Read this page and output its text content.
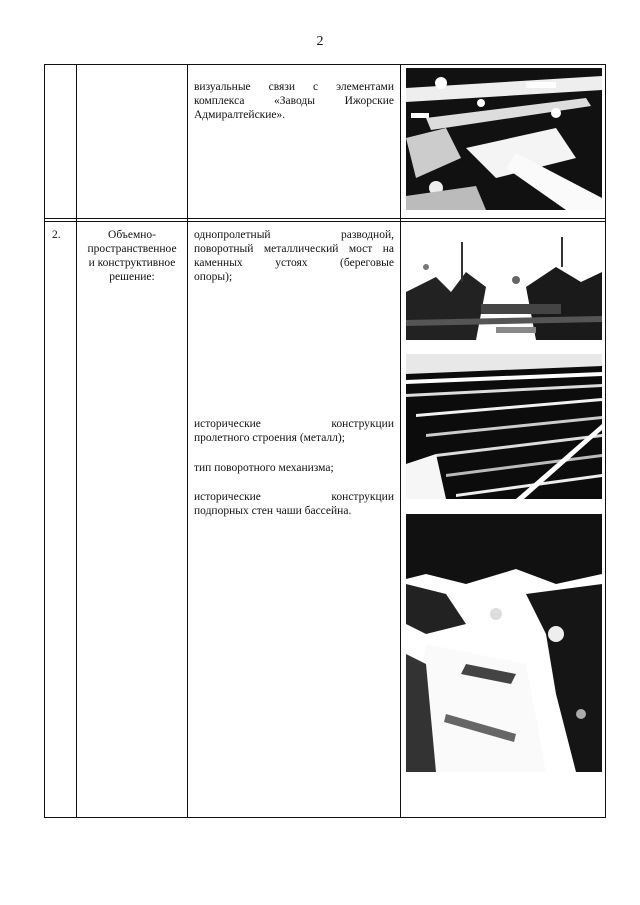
2
визуальные связи с элементами
комплекса «Заводы Ижорские
Адмиралтейские».
2.	Объемно-
пространственное
и конструктивное
решение:
однопролетный разводной,
поворотный металлический мост на
каменных устоях (береговые
опоры);
исторические конструкции
пролетного строения (металл);
тип поворотного механизма;
исторические конструкции
подпорных стен чаши бассейна.
